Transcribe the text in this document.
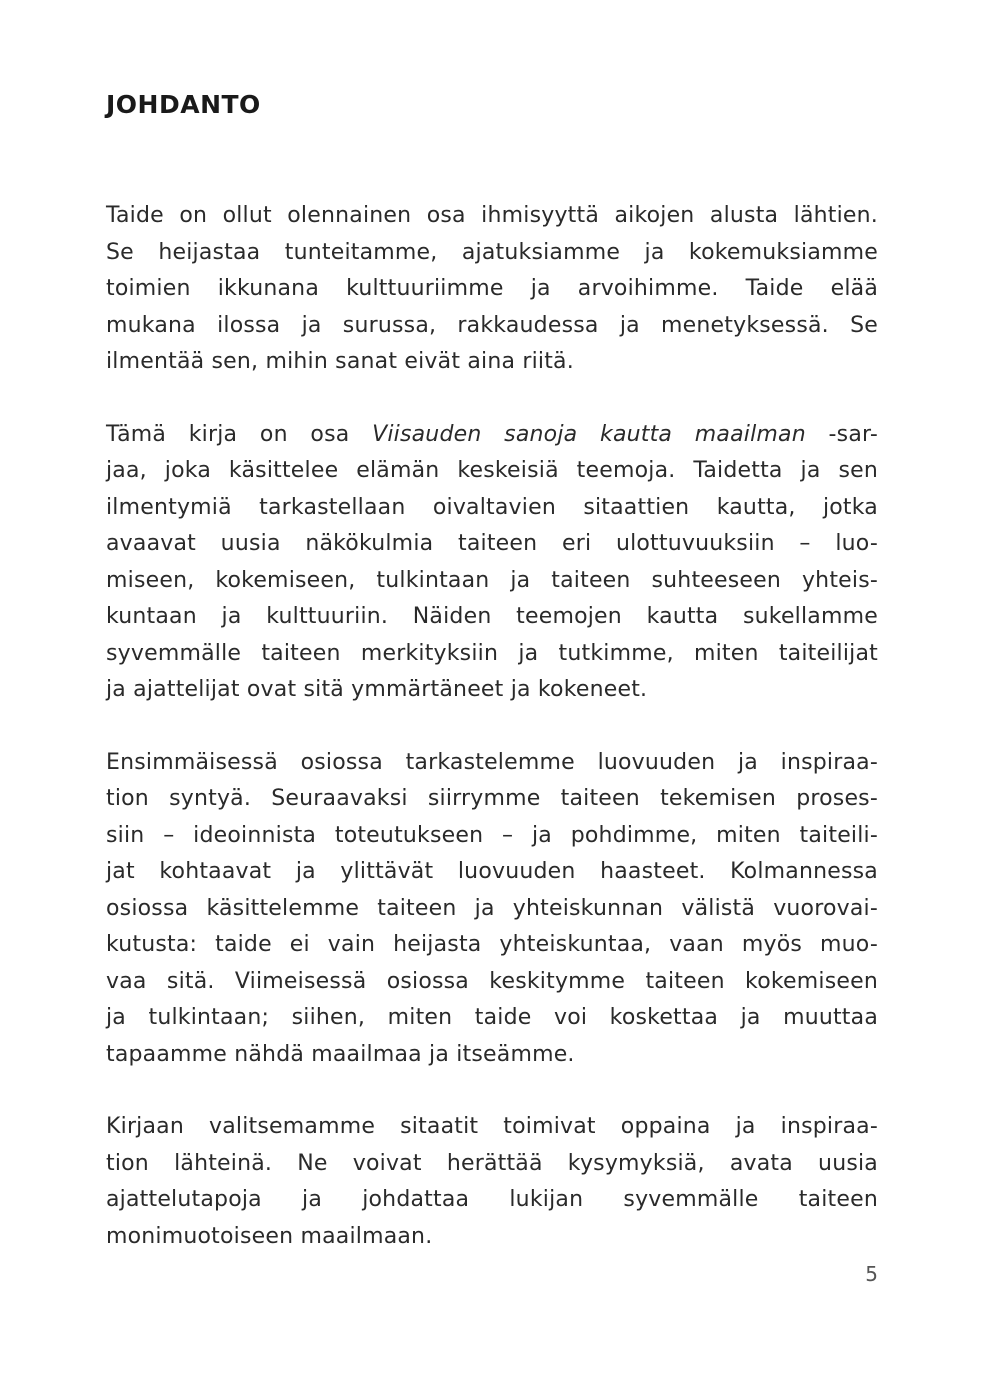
JOHDANTO

Taide on ollut olennainen osa ihmisyyttä aikojen alusta lähtien.
Se heijastaa tunteitamme, ajatuksiamme ja kokemuksiamme
toimien ikkunana kulttuuriimme ja arvoihimme. Taide elää
mukana ilossa ja surussa, rakkaudessa ja menetyksessä. Se
ilmentää sen, mihin sanat eivät aina riitä.

Tämä kirja on osa Viisauden sanoja kautta maailman -sar-
jaa, joka käsittelee elämän keskeisiä teemoja. Taidetta ja sen
ilmentymiä tarkastellaan oivaltavien sitaattien kautta, jotka
avaavat uusia näkökulmia taiteen eri ulottuvuuksiin – luo-
miseen, kokemiseen, tulkintaan ja taiteen suhteeseen yhteis-
kuntaan ja kulttuuriin. Näiden teemojen kautta sukellamme
syvemmälle taiteen merkityksiin ja tutkimme, miten taiteilijat
ja ajattelijat ovat sitä ymmärtäneet ja kokeneet.

Ensimmäisessä osiossa tarkastelemme luovuuden ja inspiraa-
tion syntyä. Seuraavaksi siirrymme taiteen tekemisen proses-
siin – ideoinnista toteutukseen – ja pohdimme, miten taiteili-
jat kohtaavat ja ylittävät luovuuden haasteet. Kolmannessa
osiossa käsittelemme taiteen ja yhteiskunnan välistä vuorovai-
kutusta: taide ei vain heijasta yhteiskuntaa, vaan myös muo-
vaa sitä. Viimeisessä osiossa keskitymme taiteen kokemiseen
ja tulkintaan; siihen, miten taide voi koskettaa ja muuttaa
tapaamme nähdä maailmaa ja itseämme.

Kirjaan valitsemamme sitaatit toimivat oppaina ja inspiraa-
tion lähteinä. Ne voivat herättää kysymyksiä, avata uusia
ajattelutapoja ja johdattaa lukijan syvemmälle taiteen
monimuotoiseen maailmaan.

5
